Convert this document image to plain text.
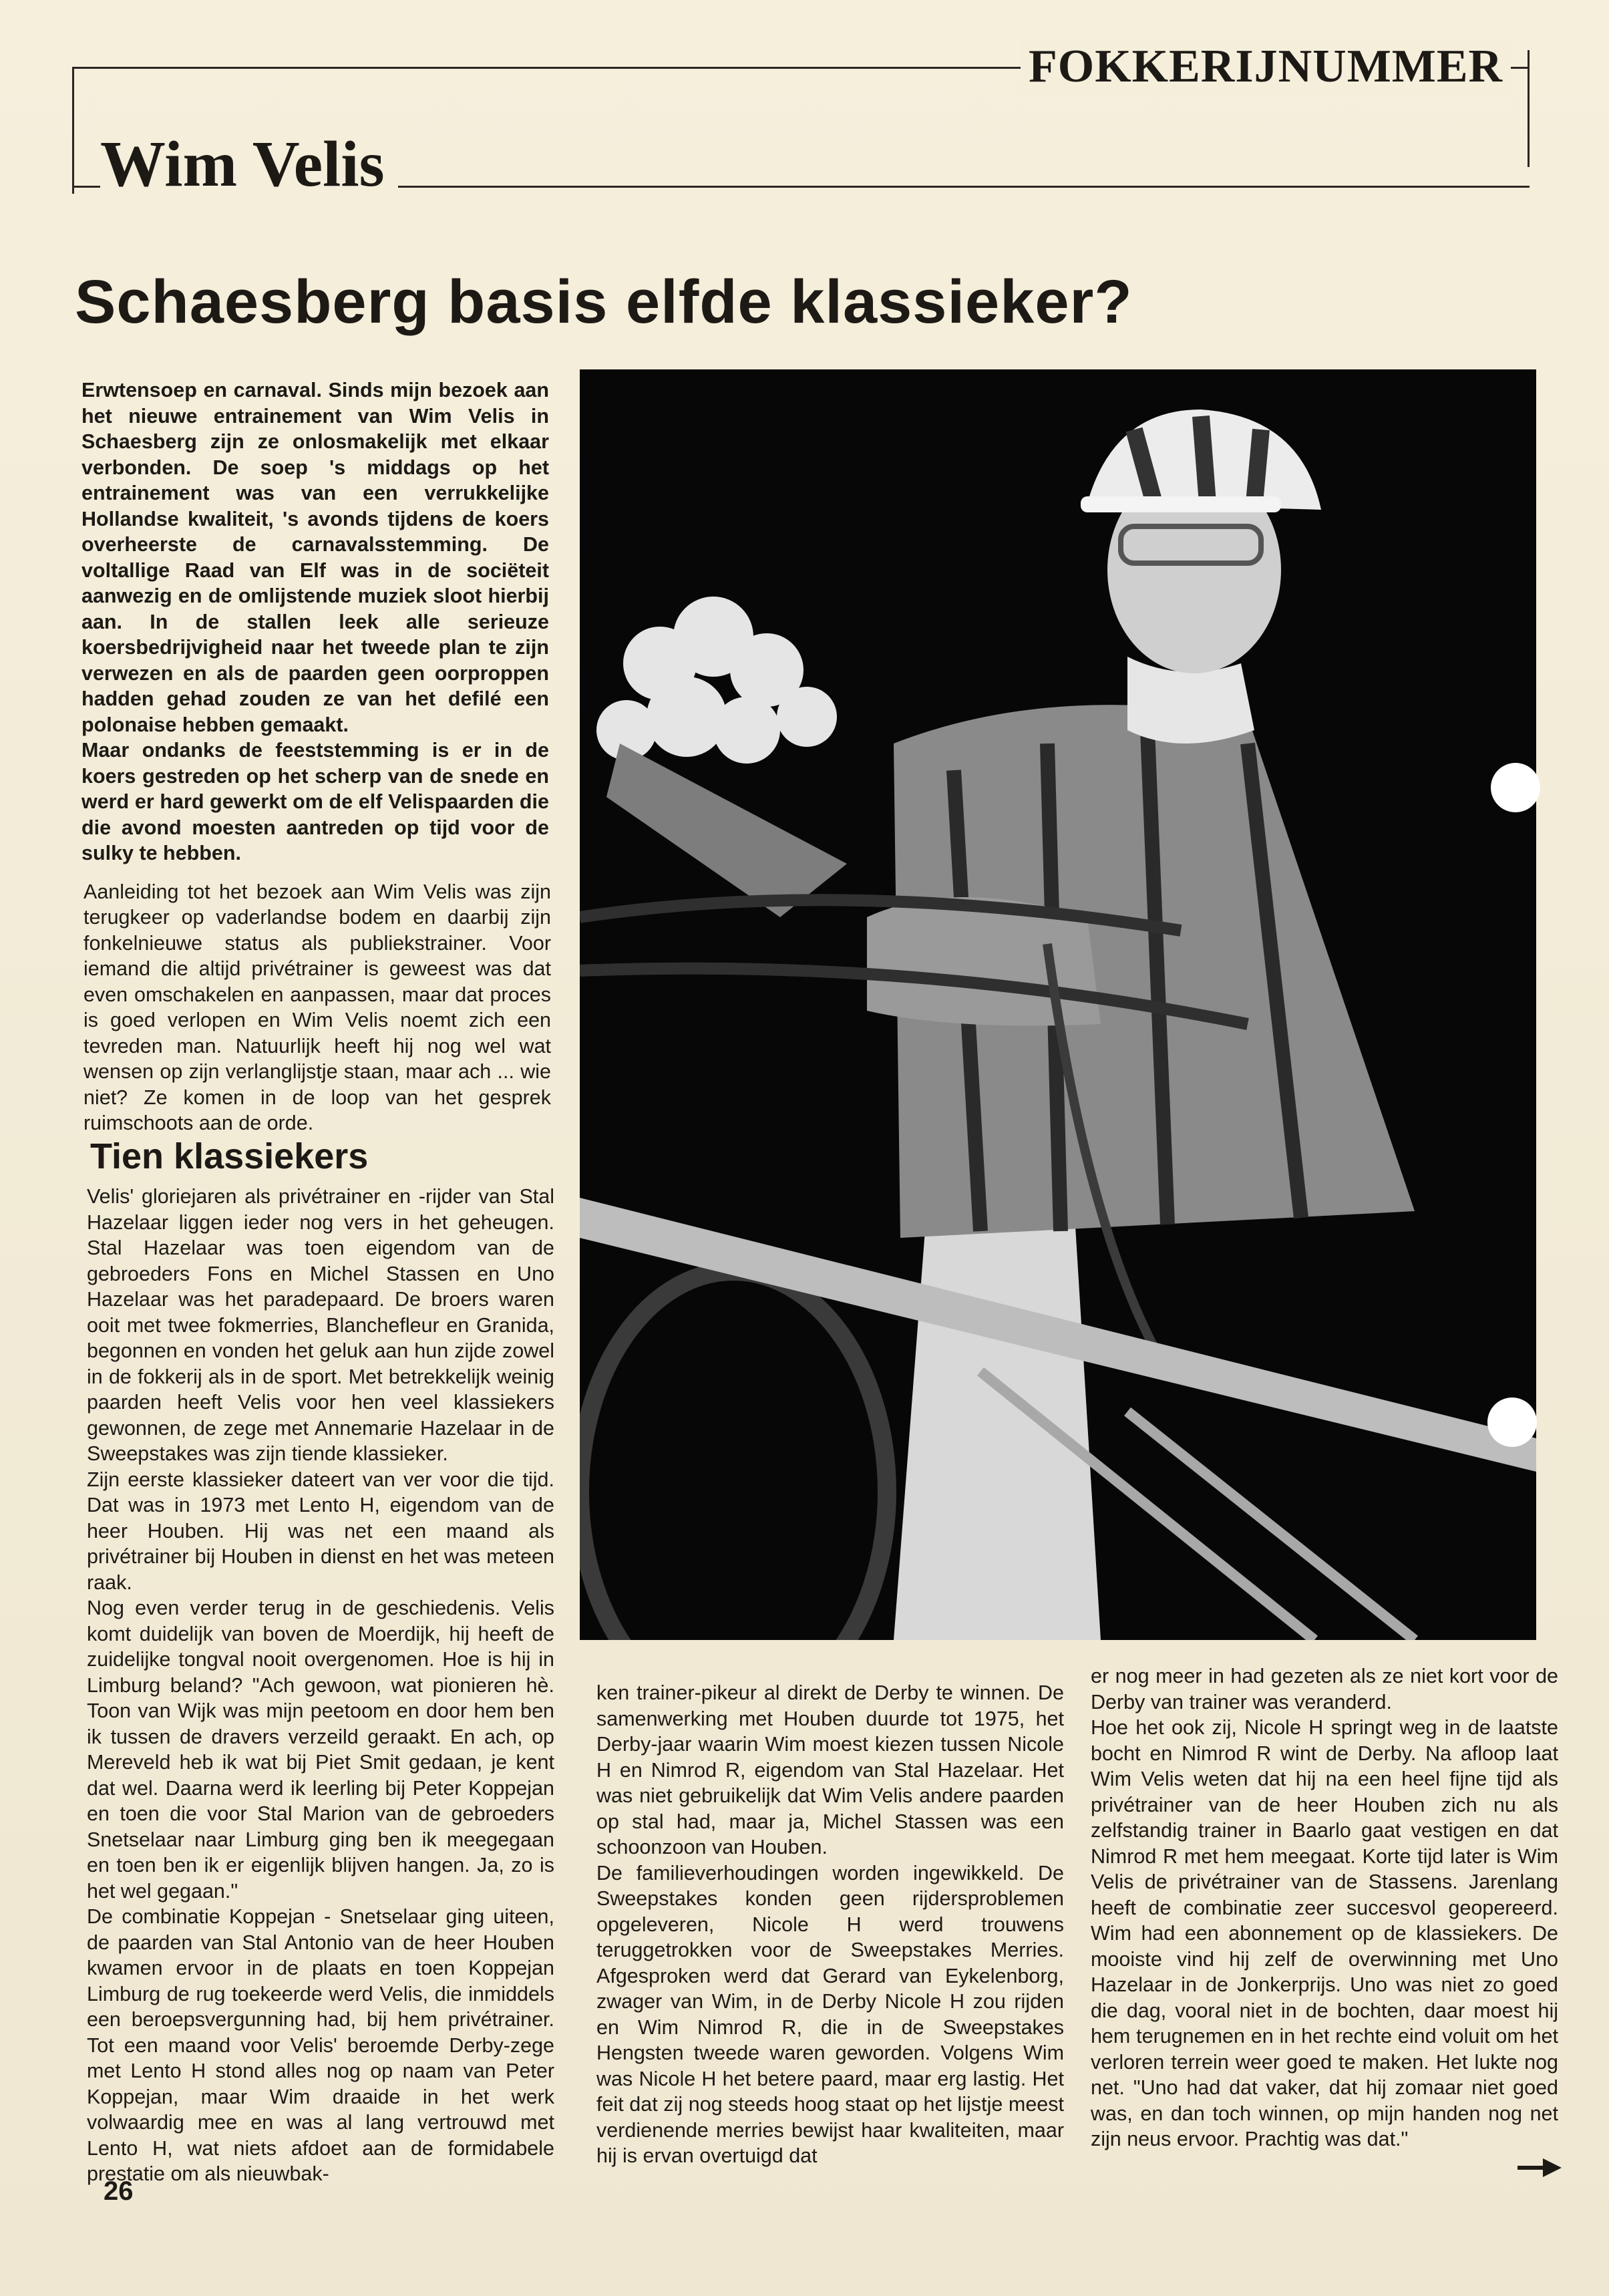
FOKKERIJNUMMER
Wim Velis
Schaesberg basis elfde klassieker?

Erwtensoep en carnaval. Sinds mijn bezoek aan het nieuwe entrainement van Wim Velis in Schaesberg zijn ze onlosmakelijk met elkaar verbonden. De soep 's middags op het entrainement was van een verrukkelijke Hollandse kwaliteit, 's avonds tijdens de koers overheerste de carnavalsstemming. De voltallige Raad van Elf was in de sociëteit aanwezig en de omlijstende muziek sloot hierbij aan. In de stallen leek alle serieuze koersbedrijvigheid naar het tweede plan te zijn verwezen en als de paarden geen oorproppen hadden gehad zouden ze van het defilé een polonaise hebben gemaakt.

Maar ondanks de feeststemming is er in de koers gestreden op het scherp van de snede en werd er hard gewerkt om de elf Velispaarden die die avond moesten aantreden op tijd voor de sulky te hebben.

Aanleiding tot het bezoek aan Wim Velis was zijn terugkeer op vaderlandse bodem en daarbij zijn fonkelnieuwe status als publiekstrainer. Voor iemand die altijd privétrainer is geweest was dat even omschakelen en aanpassen, maar dat proces is goed verlopen en Wim Velis noemt zich een tevreden man. Natuurlijk heeft hij nog wel wat wensen op zijn verlanglijstje staan, maar ach ... wie niet? Ze komen in de loop van het gesprek ruimschoots aan de orde.

Tien klassiekers

Velis' gloriejaren als privétrainer en -rijder van Stal Hazelaar liggen ieder nog vers in het geheugen. Stal Hazelaar was toen eigendom van de gebroeders Fons en Michel Stassen en Uno Hazelaar was het paradepaard. De broers waren ooit met twee fokmerries, Blanchefleur en Granida, begonnen en vonden het geluk aan hun zijde zowel in de fokkerij als in de sport. Met betrekkelijk weinig paarden heeft Velis voor hen veel klassiekers gewonnen, de zege met Annemarie Hazelaar in de Sweepstakes was zijn tiende klassieker.

Zijn eerste klassieker dateert van ver voor die tijd. Dat was in 1973 met Lento H, eigendom van de heer Houben. Hij was net een maand als privétrainer bij Houben in dienst en het was meteen raak.

Nog even verder terug in de geschiedenis. Velis komt duidelijk van boven de Moerdijk, hij heeft de zuidelijke tongval nooit overgenomen. Hoe is hij in Limburg beland? "Ach gewoon, wat pionieren hè. Toon van Wijk was mijn peetoom en door hem ben ik tussen de dravers verzeild geraakt. En ach, op Mereveld heb ik wat bij Piet Smit gedaan, je kent dat wel. Daarna werd ik leerling bij Peter Koppejan en toen die voor Stal Marion van de gebroeders Snetselaar naar Limburg ging ben ik meegegaan en toen ben ik er eigenlijk blijven hangen. Ja, zo is het wel gegaan."

De combinatie Koppejan - Snetselaar ging uiteen, de paarden van Stal Antonio van de heer Houben kwamen ervoor in de plaats en toen Koppejan Limburg de rug toekeerde werd Velis, die inmiddels een beroepsvergunning had, bij hem privétrainer. Tot een maand voor Velis' beroemde Derby-zege met Lento H stond alles nog op naam van Peter Koppejan, maar Wim draaide in het werk volwaardig mee en was al lang vertrouwd met Lento H, wat niets afdoet aan de formidabele prestatie om als nieuwbak-

ken trainer-pikeur al direkt de Derby te winnen. De samenwerking met Houben duurde tot 1975, het Derby-jaar waarin Wim moest kiezen tussen Nicole H en Nimrod R, eigendom van Stal Hazelaar. Het was niet gebruikelijk dat Wim Velis andere paarden op stal had, maar ja, Michel Stassen was een schoonzoon van Houben.

De familieverhoudingen worden ingewikkeld. De Sweepstakes konden geen rijdersproblemen opgeleveren, Nicole H werd trouwens teruggetrokken voor de Sweepstakes Merries. Afgesproken werd dat Gerard van Eykelenborg, zwager van Wim, in de Derby Nicole H zou rijden en Wim Nimrod R, die in de Sweepstakes Hengsten tweede waren geworden. Volgens Wim was Nicole H het betere paard, maar erg lastig. Het feit dat zij nog steeds hoog staat op het lijstje meest verdienende merries bewijst haar kwaliteiten, maar hij is ervan overtuigd dat

er nog meer in had gezeten als ze niet kort voor de Derby van trainer was veranderd.

Hoe het ook zij, Nicole H springt weg in de laatste bocht en Nimrod R wint de Derby. Na afloop laat Wim Velis weten dat hij na een heel fijne tijd als privétrainer van de heer Houben zich nu als zelfstandig trainer in Baarlo gaat vestigen en dat Nimrod R met hem meegaat. Korte tijd later is Wim Velis de privétrainer van de Stassens. Jarenlang heeft de combinatie zeer succesvol geopereerd. Wim had een abonnement op de klassiekers. De mooiste vind hij zelf de overwinning met Uno Hazelaar in de Jonkerprijs. Uno was niet zo goed die dag, vooral niet in de bochten, daar moest hij hem terugnemen en in het rechte eind voluit om het verloren terrein weer goed te maken. Het lukte nog net. "Uno had dat vaker, dat hij zomaar niet goed was, en dan toch winnen, op mijn handen nog net zijn neus ervoor. Prachtig was dat."

26
